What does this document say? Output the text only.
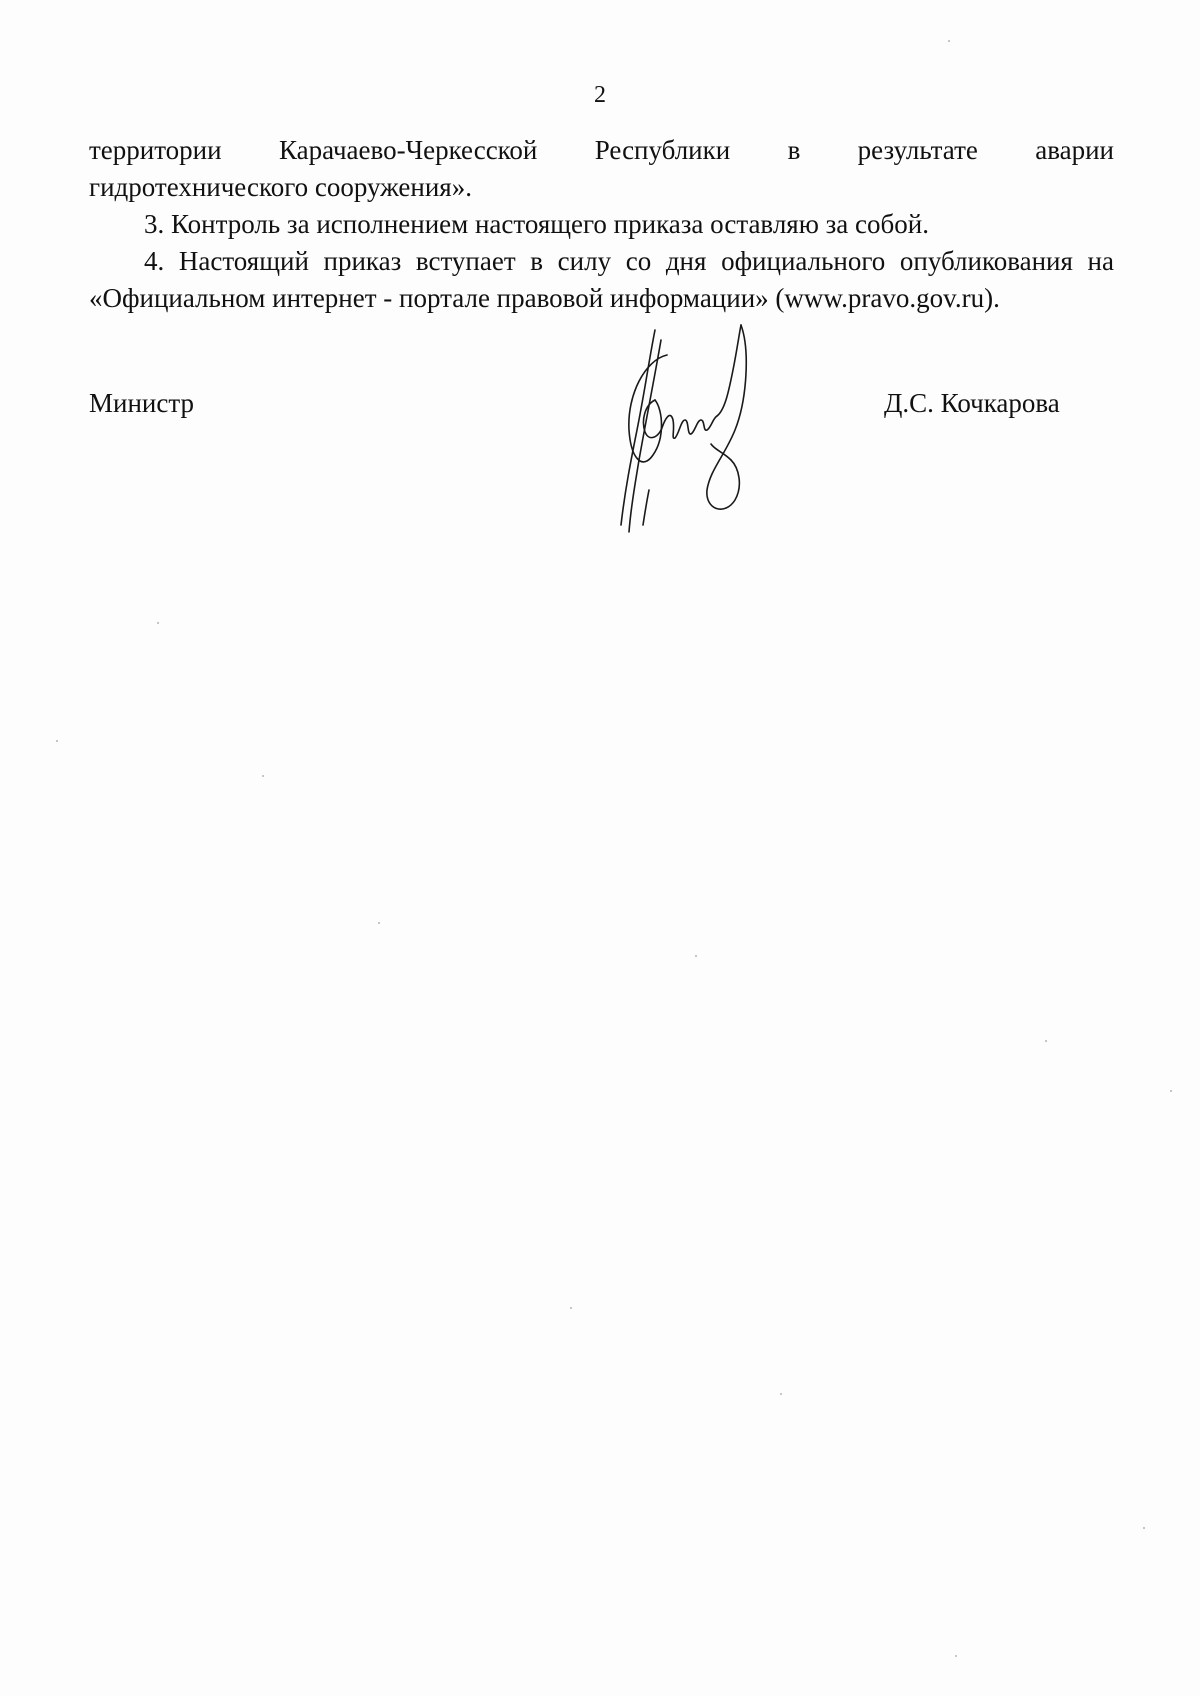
2

территории Карачаево-Черкесской Республики в результате аварии

гидротехнического сооружения».

3. Контроль за исполнением настоящего приказа оставляю за собой.

4. Настоящий приказ вступает в силу со дня официального опубликования на

«Официальном интернет - портале правовой информации» (www.pravo.gov.ru).

Министр	Д.С. Кочкарова
